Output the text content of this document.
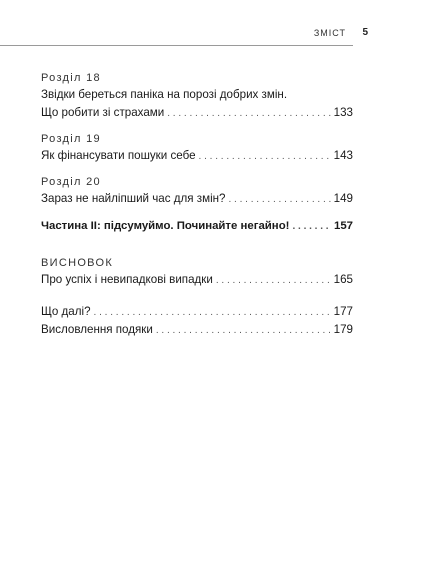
ЗМІСТ 5
Розділ 18
Звідки береться паніка на порозі добрих змін.
Що робити зі страхами . . .	133
Розділ 19
Як фінансувати пошуки себе . . .	143
Розділ 20
Зараз не найліпший час для змін? . . .	149
Частина II: підсумуймо. Починайте негайно! . . .	157
ВИСНОВОК
Про успіх і невипадкові випадки . . .	165
Що далі? . . .	177
Висловлення подяки . . .	179
